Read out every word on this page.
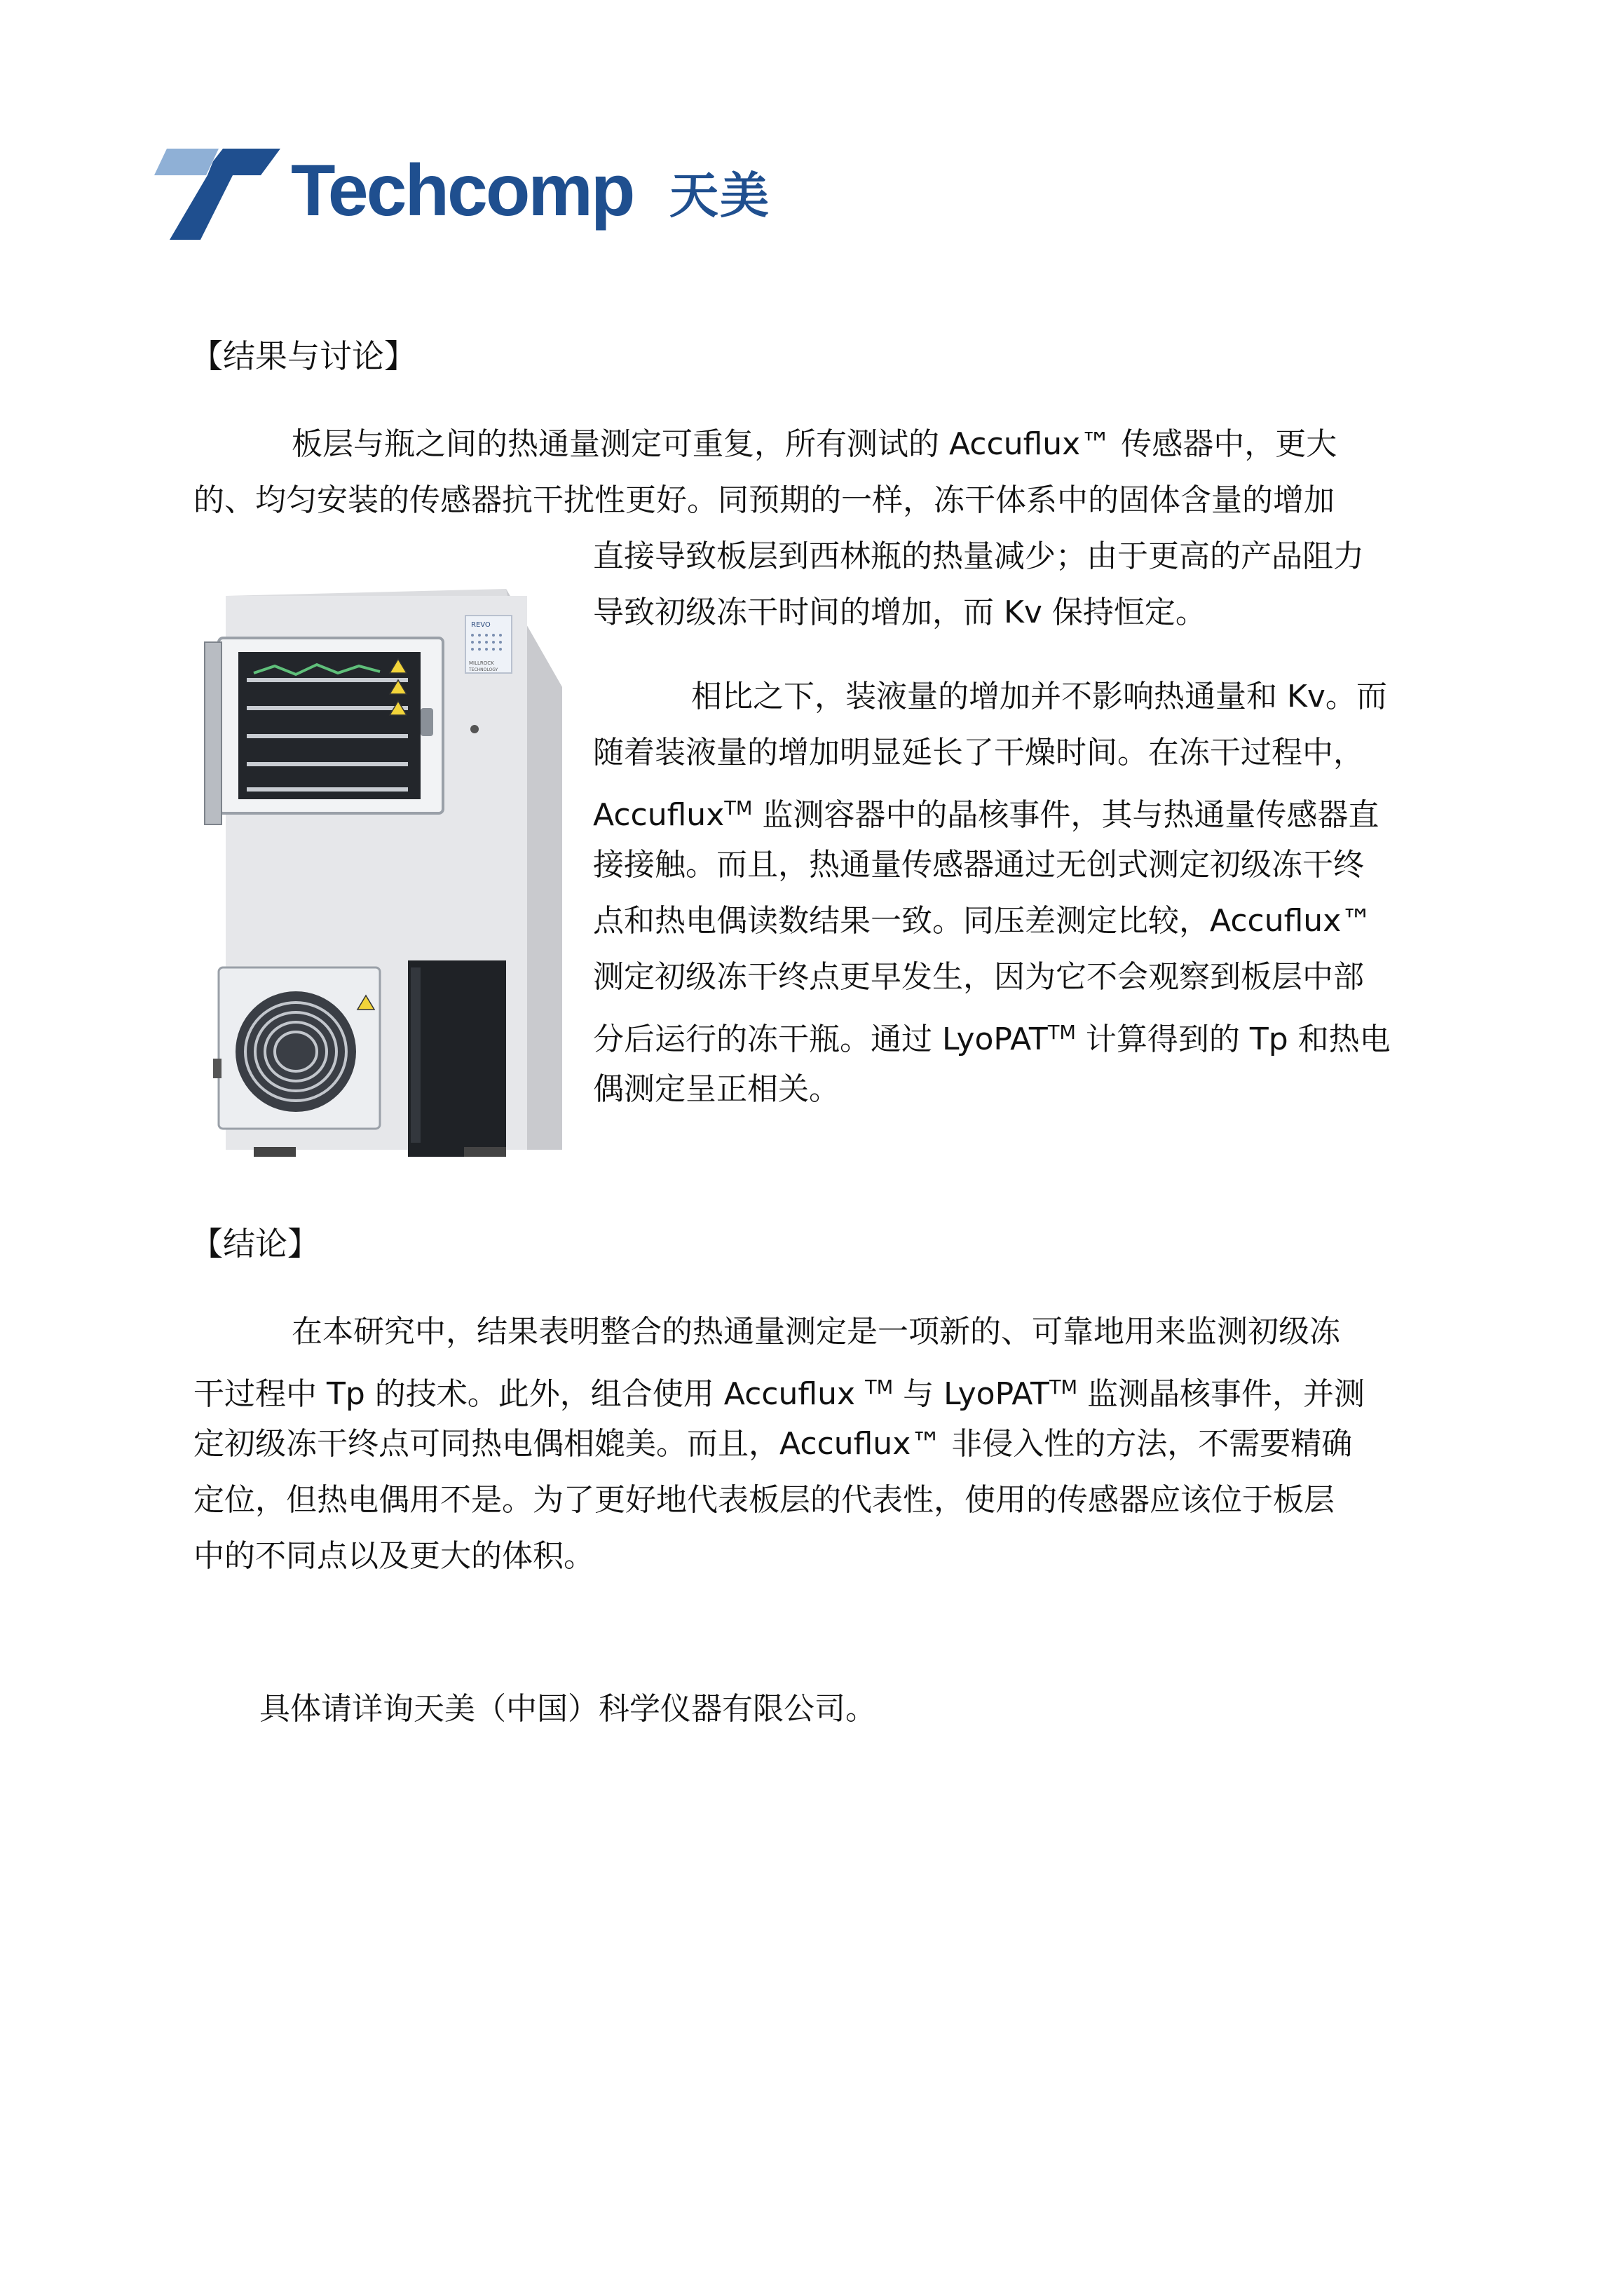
Techcomp 天美
【结果与讨论】
板层与瓶之间的热通量测定可重复，所有测试的 Accuflux™ 传感器中，更大
的、均匀安装的传感器抗干扰性更好。同预期的一样，冻干体系中的固体含量的增加
直接导致板层到西林瓶的热量减少；由于更高的产品阻力
导致初级冻干时间的增加，而 Kv 保持恒定。
相比之下，装液量的增加并不影响热通量和 Kv。而
随着装液量的增加明显延长了干燥时间。在冻干过程中，
Accuflux™ 监测容器中的晶核事件，其与热通量传感器直
接接触。而且，热通量传感器通过无创式测定初级冻干终
点和热电偶读数结果一致。同压差测定比较，Accuflux™
测定初级冻干终点更早发生，因为它不会观察到板层中部
分后运行的冻干瓶。通过 LyoPAT™ 计算得到的 Tp 和热电
偶测定呈正相关。
REVO
MILLROCK
TECHNOLOGY
【结论】
在本研究中，结果表明整合的热通量测定是一项新的、可靠地用来监测初级冻
干过程中 Tp 的技术。此外，组合使用 Accuflux ™ 与 LyoPAT™ 监测晶核事件，并测
定初级冻干终点可同热电偶相媲美。而且，Accuflux™ 非侵入性的方法，不需要精确
定位，但热电偶用不是。为了更好地代表板层的代表性，使用的传感器应该位于板层
中的不同点以及更大的体积。
具体请详询天美（中国）科学仪器有限公司。
